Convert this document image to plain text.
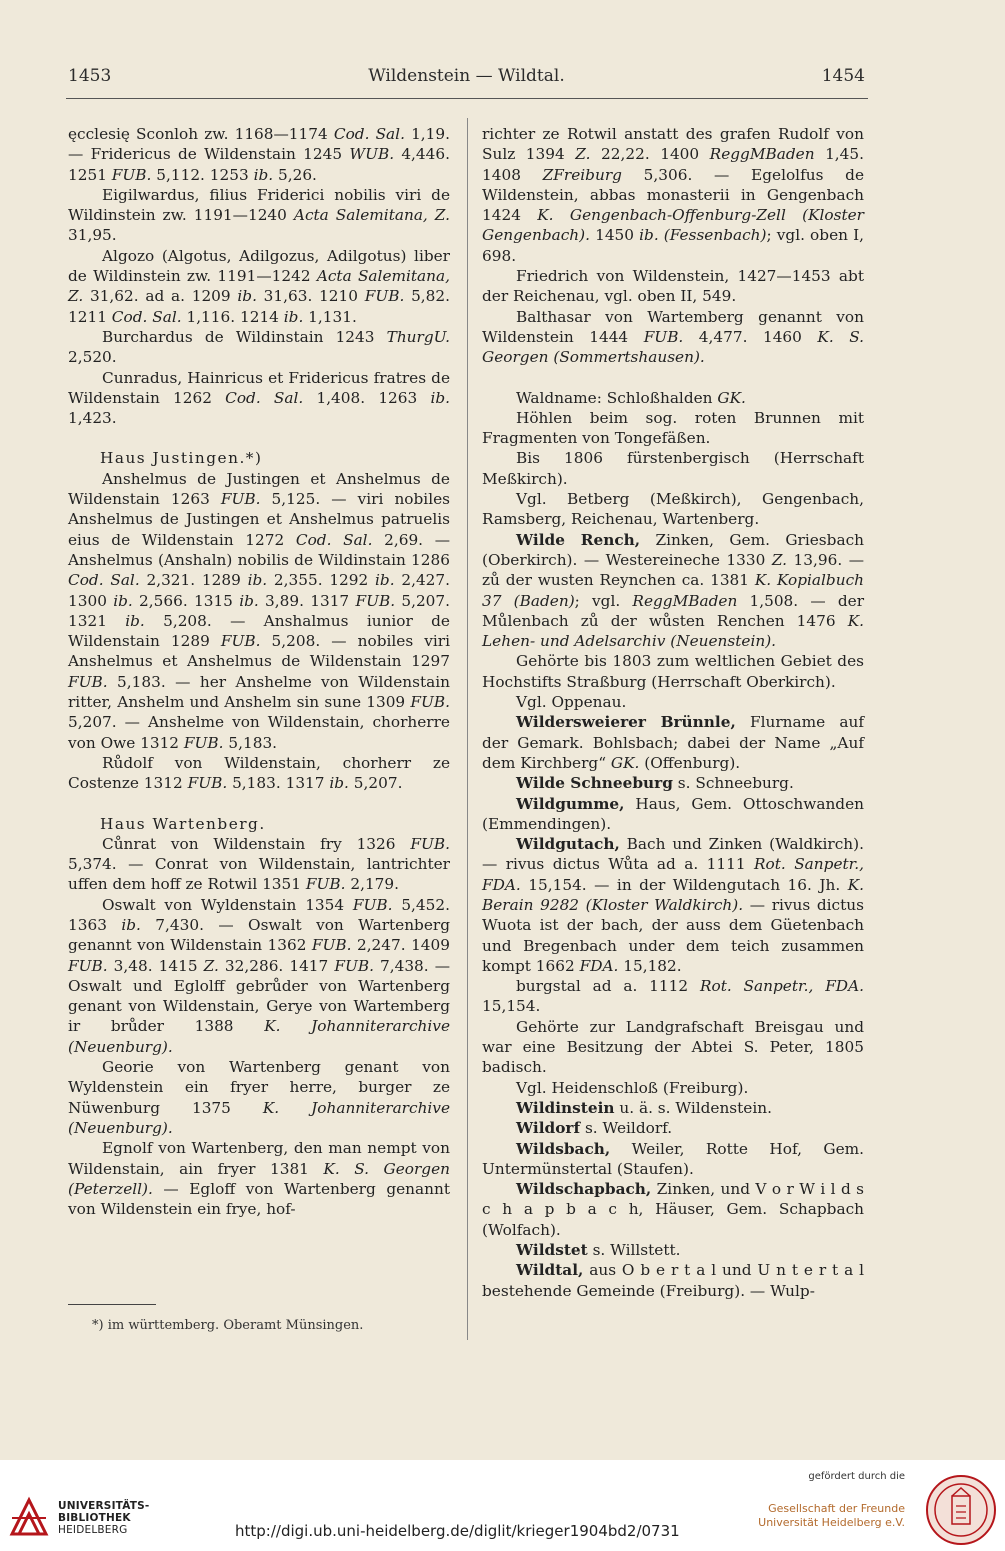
1453	Wildenstein — Wildtal.	1454

ęcclesię Sconloh zw. 1168—1174 Cod. Sal. 1,19. — Fridericus de Wildenstain 1245 WUB. 4,446. 1251 FUB. 5,112. 1253 ib. 5,26.

Eigilwardus, filius Friderici nobilis viri de Wildinstein zw. 1191—1240 Acta Salemitana, Z. 31,95.

Algozo (Algotus, Adilgozus, Adilgotus) liber de Wildinstein zw. 1191—1242 Acta Salemitana, Z. 31,62. ad a. 1209 ib. 31,63. 1210 FUB. 5,82. 1211 Cod. Sal. 1,116. 1214 ib. 1,131.

Burchardus de Wildinstain 1243 ThurgU. 2,520.

Cunradus, Hainricus et Fridericus fratres de Wildenstain 1262 Cod. Sal. 1,408. 1263 ib. 1,423.

Haus Justingen.*)

Anshelmus de Justingen et Anshelmus de Wildenstain 1263 FUB. 5,125. — viri nobiles Anshelmus de Justingen et Anshelmus patruelis eius de Wildenstain 1272 Cod. Sal. 2,69. — Anshelmus (Anshaln) nobilis de Wildinstain 1286 Cod. Sal. 2,321. 1289 ib. 2,355. 1292 ib. 2,427. 1300 ib. 2,566. 1315 ib. 3,89. 1317 FUB. 5,207. 1321 ib. 5,208. — Anshalmus iunior de Wildenstain 1289 FUB. 5,208. — nobiles viri Anshelmus et Anshelmus de Wildenstain 1297 FUB. 5,183. — her Anshelme von Wildenstain ritter, Anshelm und Anshelm sin sune 1309 FUB. 5,207. — Anshelme von Wildenstain, chorherre von Owe 1312 FUB. 5,183.

Růdolf von Wildenstain, chorherr ze Costenze 1312 FUB. 5,183. 1317 ib. 5,207.

Haus Wartenberg.

Cůnrat von Wildenstain fry 1326 FUB. 5,374. — Conrat von Wildenstain, lantrichter uffen dem hoff ze Rotwil 1351 FUB. 2,179.

Oswalt von Wyldenstain 1354 FUB. 5,452. 1363 ib. 7,430. — Oswalt von Wartenberg genannt von Wildenstain 1362 FUB. 2,247. 1409 FUB. 3,48. 1415 Z. 32,286. 1417 FUB. 7,438. — Oswalt und Eglolff gebrůder von Wartenberg genant von Wildenstain, Gerye von Wartemberg ir brůder 1388 K. Johanniterarchive (Neuenburg).

Georie von Wartenberg genant von Wyldenstein ein fryer herre, burger ze Nüwenburg 1375 K. Johanniterarchive (Neuenburg).

Egnolf von Wartenberg, den man nempt von Wildenstain, ain fryer 1381 K. S. Georgen (Peterzell). — Egloff von Wartenberg genannt von Wildenstein ein frye, hof-

richter ze Rotwil anstatt des grafen Rudolf von Sulz 1394 Z. 22,22. 1400 ReggMBaden 1,45. 1408 ZFreiburg 5,306. — Egelolfus de Wildenstein, abbas monasterii in Gengenbach 1424 K. Gengenbach-Offenburg-Zell (Kloster Gengenbach). 1450 ib. (Fessenbach); vgl. oben I, 698.

Friedrich von Wildenstein, 1427—1453 abt der Reichenau, vgl. oben II, 549.

Balthasar von Wartemberg genannt von Wildenstein 1444 FUB. 4,477. 1460 K. S. Georgen (Sommertshausen).

Waldname: Schloßhalden GK.

Höhlen beim sog. roten Brunnen mit Fragmenten von Tongefäßen.

Bis 1806 fürstenbergisch (Herrschaft Meßkirch).

Vgl. Betberg (Meßkirch), Gengenbach, Ramsberg, Reichenau, Wartenberg.

Wilde Rench, Zinken, Gem. Griesbach (Oberkirch). — Westereineche 1330 Z. 13,96. — zů der wusten Reynchen ca. 1381 K. Kopialbuch 37 (Baden); vgl. ReggMBaden 1,508. — der Můlenbach zů der wůsten Renchen 1476 K. Lehen- und Adelsarchiv (Neuenstein).

Gehörte bis 1803 zum weltlichen Gebiet des Hochstifts Straßburg (Herrschaft Oberkirch).

Vgl. Oppenau.

Wildersweierer Brünnle, Flurname auf der Gemark. Bohlsbach; dabei der Name „Auf dem Kirchberg“ GK. (Offenburg).

Wilde Schneeburg s. Schneeburg.

Wildgumme, Haus, Gem. Ottoschwanden (Emmendingen).

Wildgutach, Bach und Zinken (Waldkirch). — rivus dictus Wůta ad a. 1111 Rot. Sanpetr., FDA. 15,154. — in der Wildengutach 16. Jh. K. Berain 9282 (Kloster Waldkirch). — rivus dictus Wuota ist der bach, der auss dem Güetenbach und Bregenbach under dem teich zusammen kompt 1662 FDA. 15,182.

burgstal ad a. 1112 Rot. Sanpetr., FDA. 15,154.

Gehörte zur Landgrafschaft Breisgau und war eine Besitzung der Abtei S. Peter, 1805 badisch.

Vgl. Heidenschloß (Freiburg).

Wildinstein u. ä. s. Wildenstein.

Wildorf s. Weildorf.

Wildsbach, Weiler, Rotte Hof, Gem. Untermünstertal (Staufen).

Wildschapbach, Zinken, und V o r W i l d s c h a p b a c h, Häuser, Gem. Schapbach (Wolfach).

Wildstet s. Willstett.

Wildtal, aus O b e r t a l und U n t e r t a l bestehende Gemeinde (Freiburg). — Wulp-

*) im württemberg. Oberamt Münsingen.
UNIVERSITÄTS-
BIBLIOTHEK
HEIDELBERG	http://digi.ub.uni-heidelberg.de/diglit/krieger1904bd2/0731
gefördert durch die
Gesellschaft der Freunde
Universität Heidelberg e.V.
